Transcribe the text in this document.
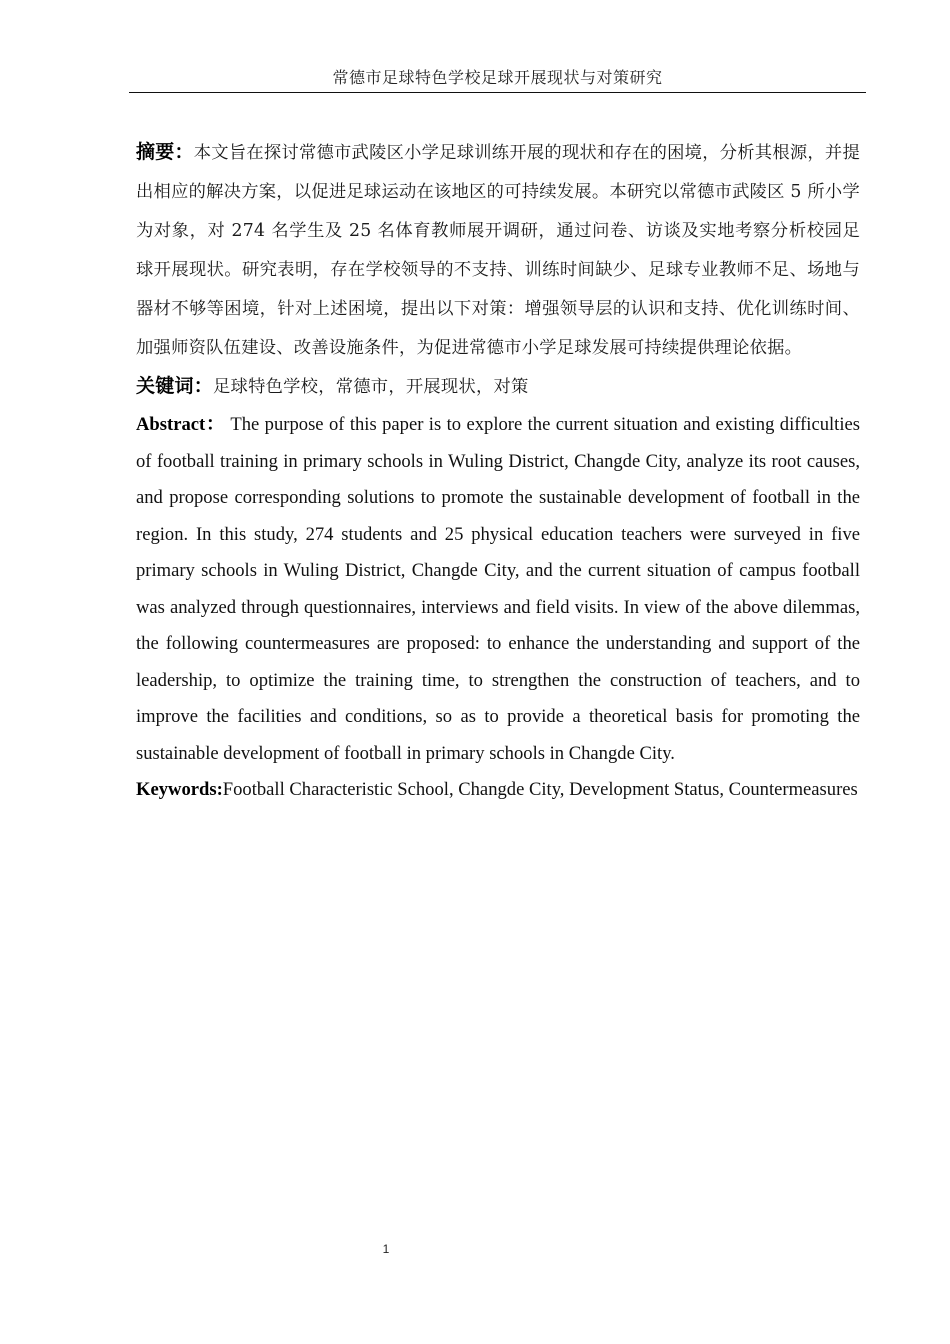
常德市足球特色学校足球开展现状与对策研究

摘要：本文旨在探讨常德市武陵区小学足球训练开展的现状和存在的困境，分析其根源，并提出相应的解决方案，以促进足球运动在该地区的可持续发展。本研究以常德市武陵区 5 所小学为对象，对 274 名学生及 25 名体育教师展开调研，通过问卷、访谈及实地考察分析校园足球开展现状。研究表明，存在学校领导的不支持、训练时间缺少、足球专业教师不足、场地与器材不够等困境，针对上述困境，提出以下对策：增强领导层的认识和支持、优化训练时间、加强师资队伍建设、改善设施条件，为促进常德市小学足球发展可持续提供理论依据。

关键词：足球特色学校，常德市，开展现状，对策

Abstract： The purpose of this paper is to explore the current situation and existing difficulties of football training in primary schools in Wuling District, Changde City, analyze its root causes, and propose corresponding solutions to promote the sustainable development of football in the region. In this study, 274 students and 25 physical education teachers were surveyed in five primary schools in Wuling District, Changde City, and the current situation of campus football was analyzed through questionnaires, interviews and field visits. In view of the above dilemmas, the following countermeasures are proposed: to enhance the understanding and support of the leadership, to optimize the training time, to strengthen the construction of teachers, and to improve the facilities and conditions, so as to provide a theoretical basis for promoting the sustainable development of football in primary schools in Changde City.

Keywords:Football Characteristic School, Changde City, Development Status, Countermeasures

1
